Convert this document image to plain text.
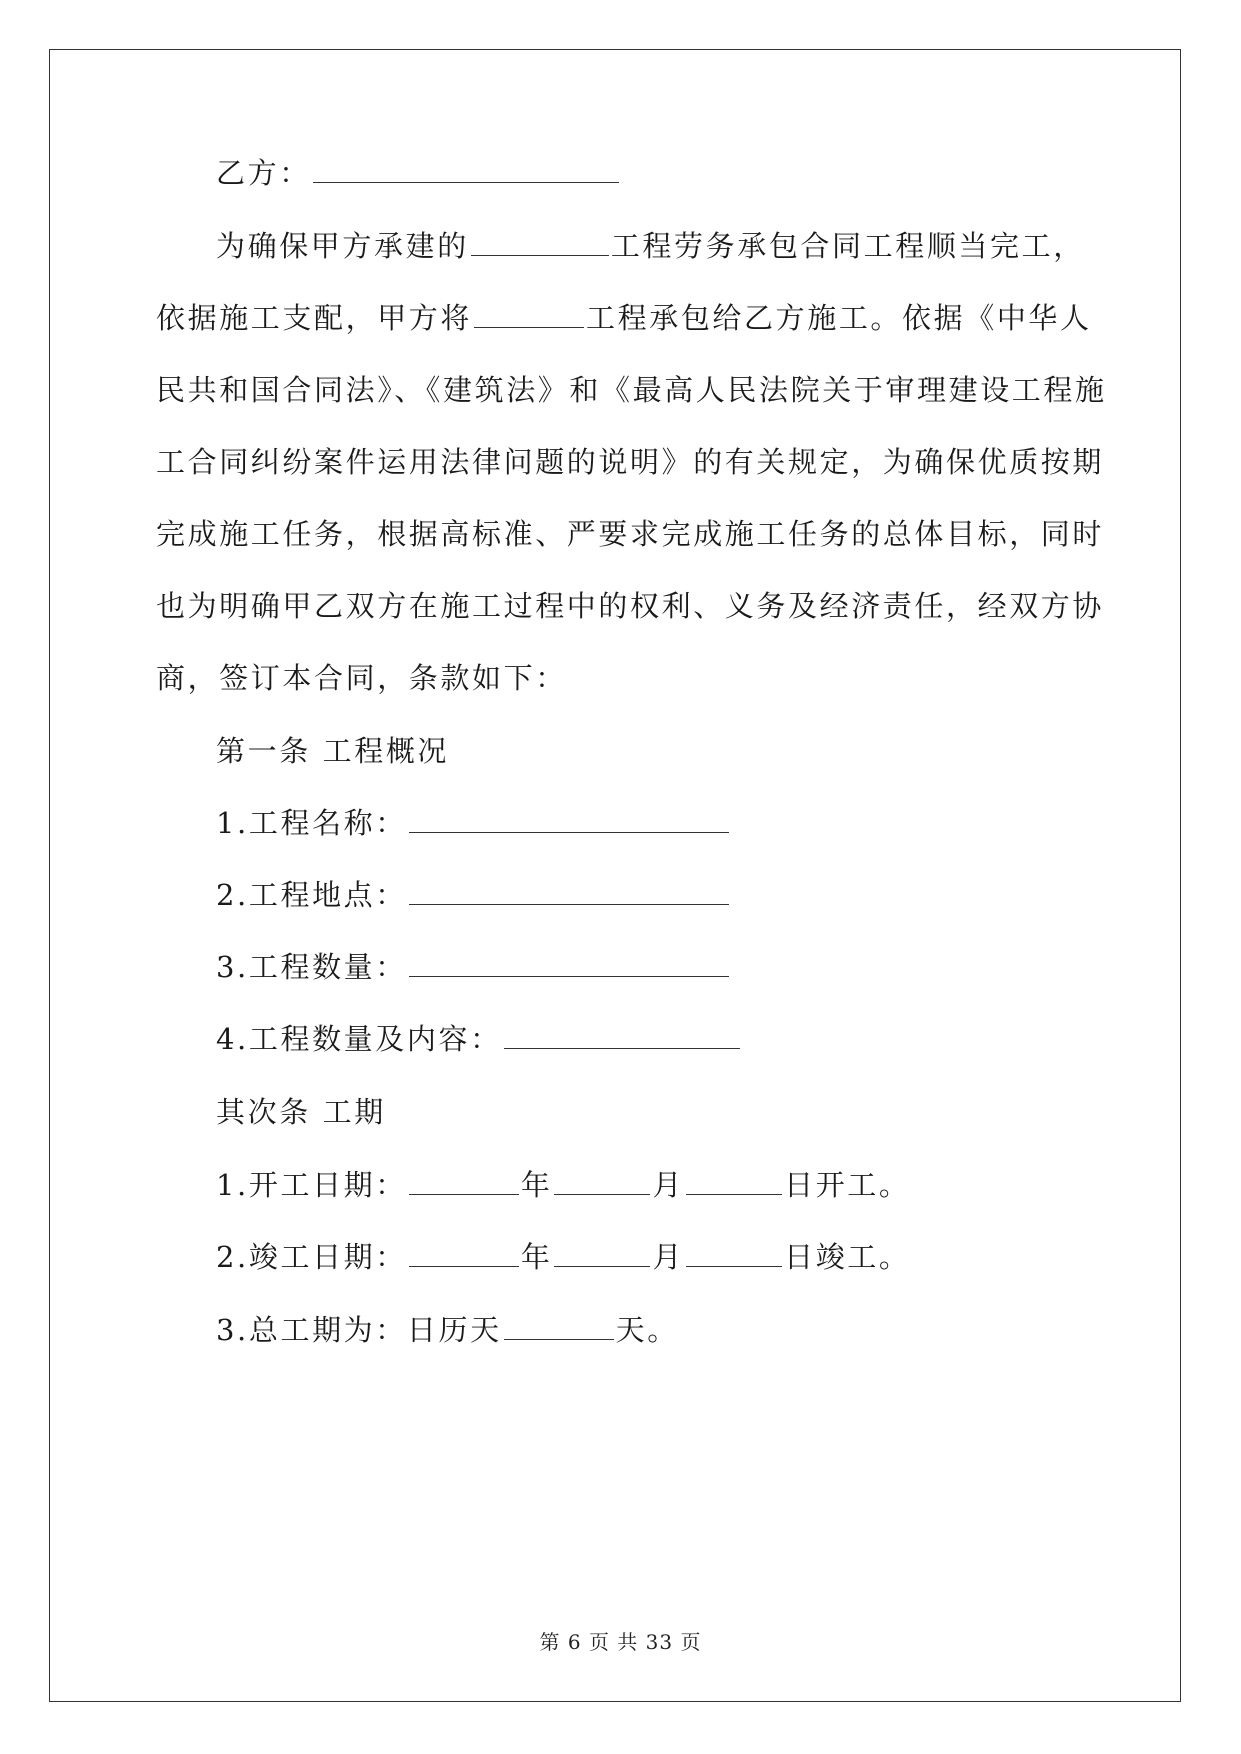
乙方：
为确保甲方承建的	工程劳务承包合同工程顺当完工，
依据施工支配，甲方将	工程承包给乙方施工。依据《中华人
民共和国合同法》、《建筑法》和《最高人民法院关于审理建设工程施
工合同纠纷案件运用法律问题的说明》的有关规定，为确保优质按期
完成施工任务，根据高标准、严要求完成施工任务的总体目标，同时
也为明确甲乙双方在施工过程中的权利、义务及经济责任，经双方协
商，签订本合同，条款如下：
第一条 工程概况
1.工程名称：
2.工程地点：
3.工程数量：
4.工程数量及内容：
其次条 工期
1.开工日期：	年	月	日开工。
2.竣工日期：	年	月	日竣工。
3.总工期为：日历天	天。
第 6 页 共 33 页
